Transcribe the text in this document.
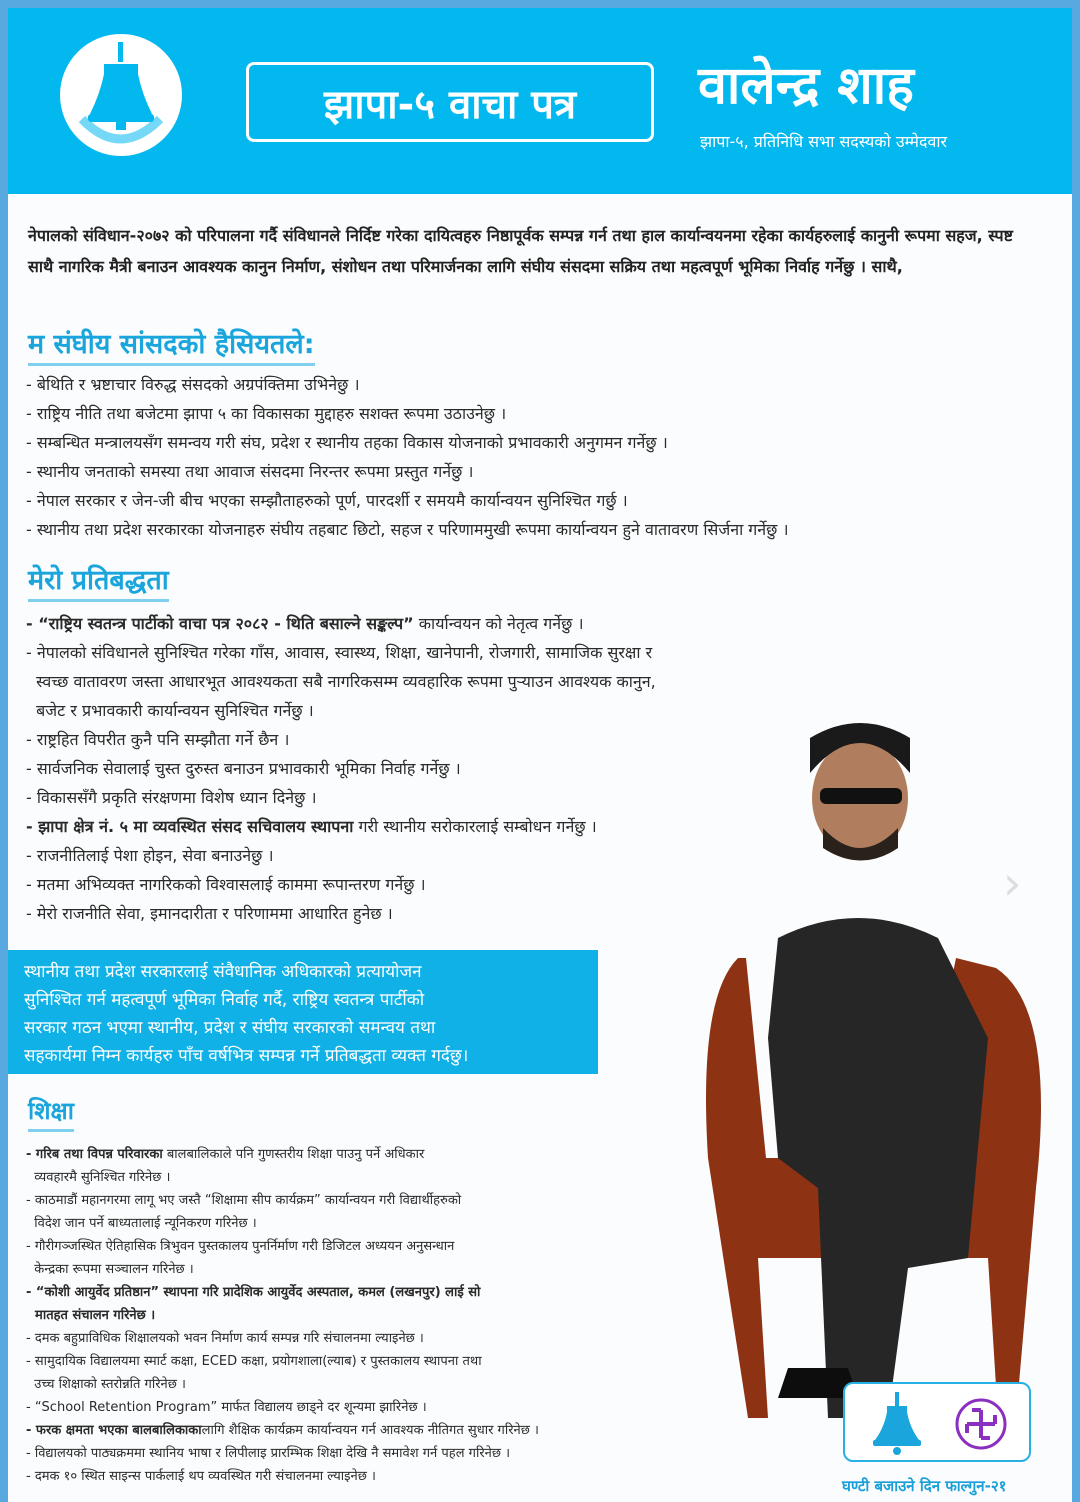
झापा-५ वाचा पत्र	वालेन्द्र शाह
झापा-५, प्रतिनिधि सभा सदस्यको उम्मेदवार

नेपालको संविधान-२०७२ को परिपालना गर्दै संविधानले निर्दिष्ट गरेका दायित्वहरु निष्ठापूर्वक सम्पन्न गर्न तथा हाल कार्यान्वयनमा रहेका कार्यहरुलाई कानुनी रूपमा सहज, स्पष्ट साथै नागरिक मैत्री बनाउन आवश्यक कानुन निर्माण, संशोधन तथा परिमार्जनका लागि संघीय संसदमा सक्रिय तथा महत्वपूर्ण भूमिका निर्वाह गर्नेछु । साथै,

म संघीय सांसदको हैसियतले:
- बेथिति र भ्रष्टाचार विरुद्ध संसदको अग्रपंक्तिमा उभिनेछु ।
- राष्ट्रिय नीति तथा बजेटमा झापा ५ का विकासका मुद्दाहरु सशक्त रूपमा उठाउनेछु ।
- सम्बन्धित मन्त्रालयसँग समन्वय गरी संघ, प्रदेश र स्थानीय तहका विकास योजनाको प्रभावकारी अनुगमन गर्नेछु ।
- स्थानीय जनताको समस्या तथा आवाज संसदमा निरन्तर रूपमा प्रस्तुत गर्नेछु ।
- नेपाल सरकार र जेन-जी बीच भएका सम्झौताहरुको पूर्ण, पारदर्शी र समयमै कार्यान्वयन सुनिश्चित गर्छु ।
- स्थानीय तथा प्रदेश सरकारका योजनाहरु संघीय तहबाट छिटो, सहज र परिणाममुखी रूपमा कार्यान्वयन हुने वातावरण सिर्जना गर्नेछु ।
मेरो प्रतिबद्धता
- “राष्ट्रिय स्वतन्त्र पार्टीको वाचा पत्र २०८२ - थिति बसाल्ने सङ्कल्प” कार्यान्वयन को नेतृत्व गर्नेछु ।
- नेपालको संविधानले सुनिश्चित गरेका गाँस, आवास, स्वास्थ्य, शिक्षा, खानेपानी, रोजगारी, सामाजिक सुरक्षा र
स्वच्छ वातावरण जस्ता आधारभूत आवश्यकता सबै नागरिकसम्म व्यवहारिक रूपमा पुर्‍याउन आवश्यक कानुन,
बजेट र प्रभावकारी कार्यान्वयन सुनिश्चित गर्नेछु ।
- राष्ट्रहित विपरीत कुनै पनि सम्झौता गर्ने छैन ।
- सार्वजनिक सेवालाई चुस्त दुरुस्त बनाउन प्रभावकारी भूमिका निर्वाह गर्नेछु ।
- विकाससँगै प्रकृति संरक्षणमा विशेष ध्यान दिनेछु ।
- झापा क्षेत्र नं. ५ मा व्यवस्थित संसद सचिवालय स्थापना गरी स्थानीय सरोकारलाई सम्बोधन गर्नेछु ।
- राजनीतिलाई पेशा होइन, सेवा बनाउनेछु ।
- मतमा अभिव्यक्त नागरिकको विश्वासलाई काममा रूपान्तरण गर्नेछु ।
- मेरो राजनीति सेवा, इमानदारीता र परिणाममा आधारित हुनेछ ।
›
स्थानीय तथा प्रदेश सरकारलाई संवैधानिक अधिकारको प्रत्यायोजन
सुनिश्चित गर्न महत्वपूर्ण भूमिका निर्वाह गर्दै, राष्ट्रिय स्वतन्त्र पार्टीको
सरकार गठन भएमा स्थानीय, प्रदेश र संघीय सरकारको समन्वय तथा
सहकार्यमा निम्न कार्यहरु पाँच वर्षभित्र सम्पन्न गर्ने प्रतिबद्धता व्यक्त गर्दछु।
शिक्षा
- गरिब तथा विपन्न परिवारका बालबालिकाले पनि गुणस्तरीय शिक्षा पाउनु पर्ने अधिकार
व्यवहारमै सुनिश्चित गरिनेछ ।
- काठमाडौं महानगरमा लागू भए जस्तै “शिक्षामा सीप कार्यक्रम” कार्यान्वयन गरी विद्यार्थीहरुको
विदेश जान पर्ने बाध्यतालाई न्यूनिकरण गरिनेछ ।
- गौरीगञ्जस्थित ऐतिहासिक त्रिभुवन पुस्तकालय पुनर्निर्माण गरी डिजिटल अध्ययन अनुसन्धान
केन्द्रका रूपमा सञ्चालन गरिनेछ ।
- “कोशी आयुर्वेद प्रतिष्ठान” स्थापना गरि प्रादेशिक आयुर्वेद अस्पताल, कमल (लखनपुर) लाई सो
मातहत संचालन गरिनेछ ।
- दमक बहुप्राविधिक शिक्षालयको भवन निर्माण कार्य सम्पन्न गरि संचालनमा ल्याइनेछ ।
- सामुदायिक विद्यालयमा स्मार्ट कक्षा, ECED कक्षा, प्रयोगशाला(ल्याब) र पुस्तकालय स्थापना तथा
उच्च शिक्षाको स्तरोन्नति गरिनेछ ।
- “School Retention Program” मार्फत विद्यालय छाड्ने दर शून्यमा झारिनेछ ।
- फरक क्षमता भएका बालबालिकाकालागि शैक्षिक कार्यक्रम कार्यान्वयन गर्न आवश्यक नीतिगत सुधार गरिनेछ ।
- विद्यालयको पाठ्यक्रममा स्थानिय भाषा र लिपीलाइ प्रारम्भिक शिक्षा देखि नै समावेश गर्न पहल गरिनेछ ।
- दमक १० स्थित साइन्स पार्कलाई थप व्यवस्थित गरी संचालनमा ल्याइनेछ ।
घण्टी बजाउने दिन फाल्गुन-२१
